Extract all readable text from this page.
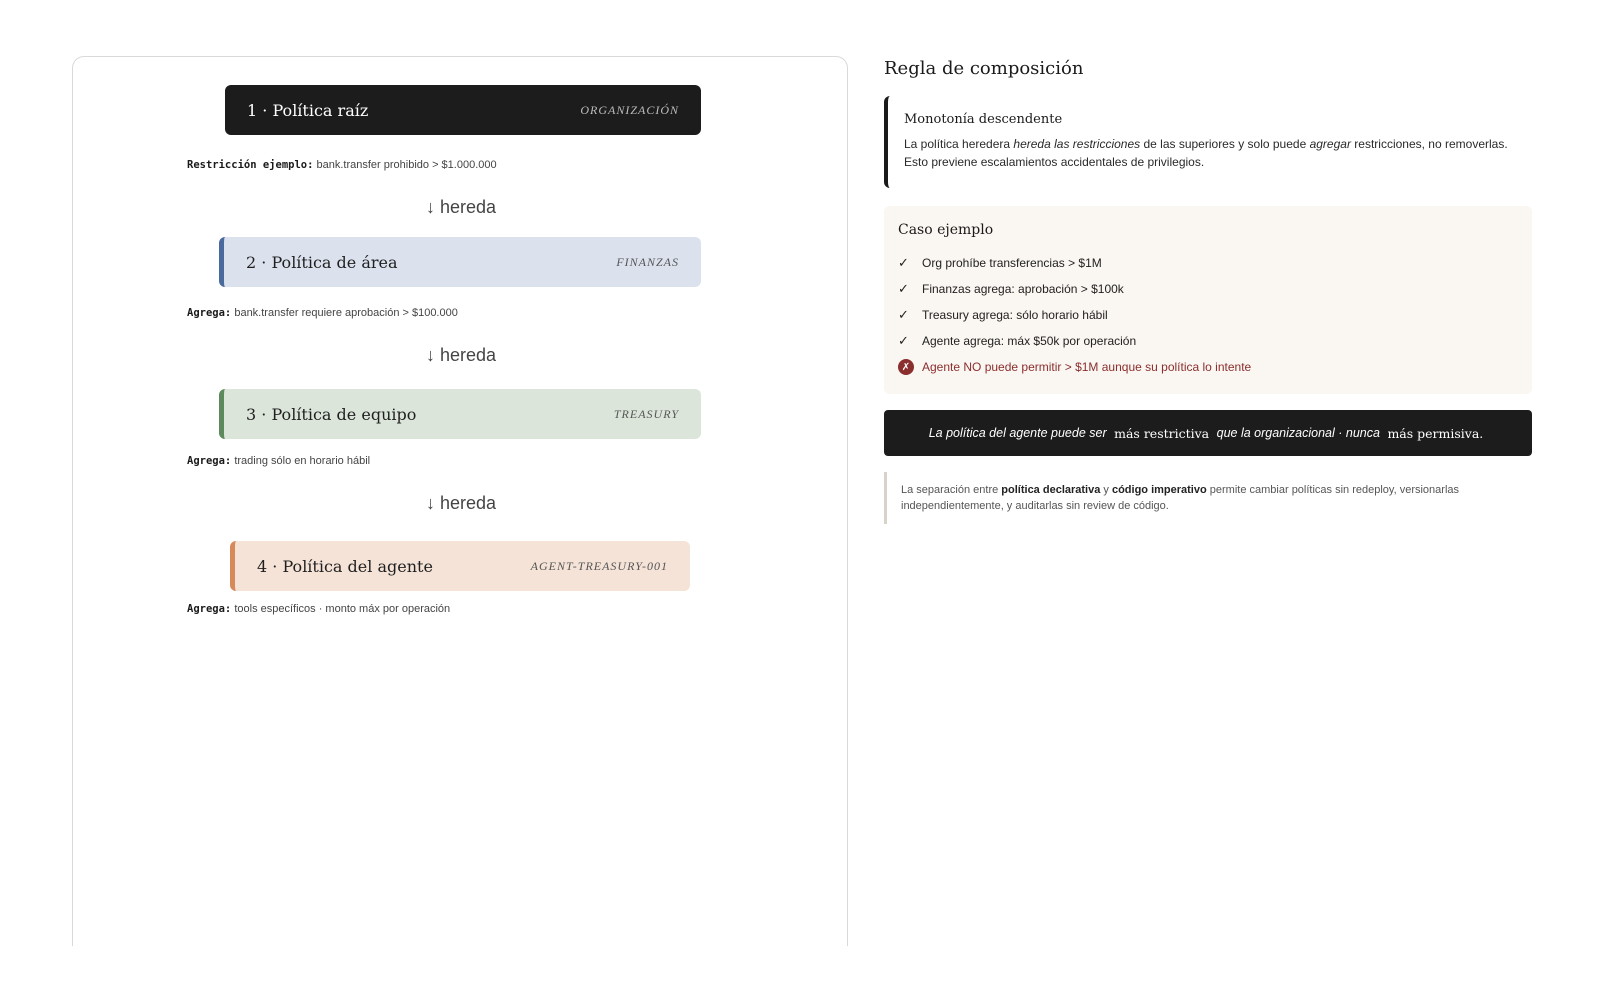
1 · Política raíz	ORGANIZACIÓN
Restricción ejemplo: bank.transfer prohibido > $1.000.000
↓ hereda
2 · Política de área	FINANZAS
Agrega: bank.transfer requiere aprobación > $100.000
↓ hereda
3 · Política de equipo	TREASURY
Agrega: trading sólo en horario hábil
↓ hereda
4 · Política del agente	AGENT-TREASURY-001
Agrega: tools específicos · monto máx por operación
Regla de composición
Monotonía descendente
La política heredera hereda las restricciones de las superiores y solo puede agregar restricciones, no removerlas. Esto previene escalamientos accidentales de privilegios.
Caso ejemplo
✓	Org prohíbe transferencias > $1M
✓	Finanzas agrega: aprobación > $100k
✓	Treasury agrega: sólo horario hábil
✓	Agente agrega: máx $50k por operación
✗ Agente NO puede permitir > $1M aunque su política lo intente
La política del agente puede ser
más restrictiva
que la organizacional ·
nunca
más permisiva.
La separación entre política declarativa y código imperativo permite cambiar políticas sin redeploy, versionarlas independientemente, y auditarlas sin review de código.
